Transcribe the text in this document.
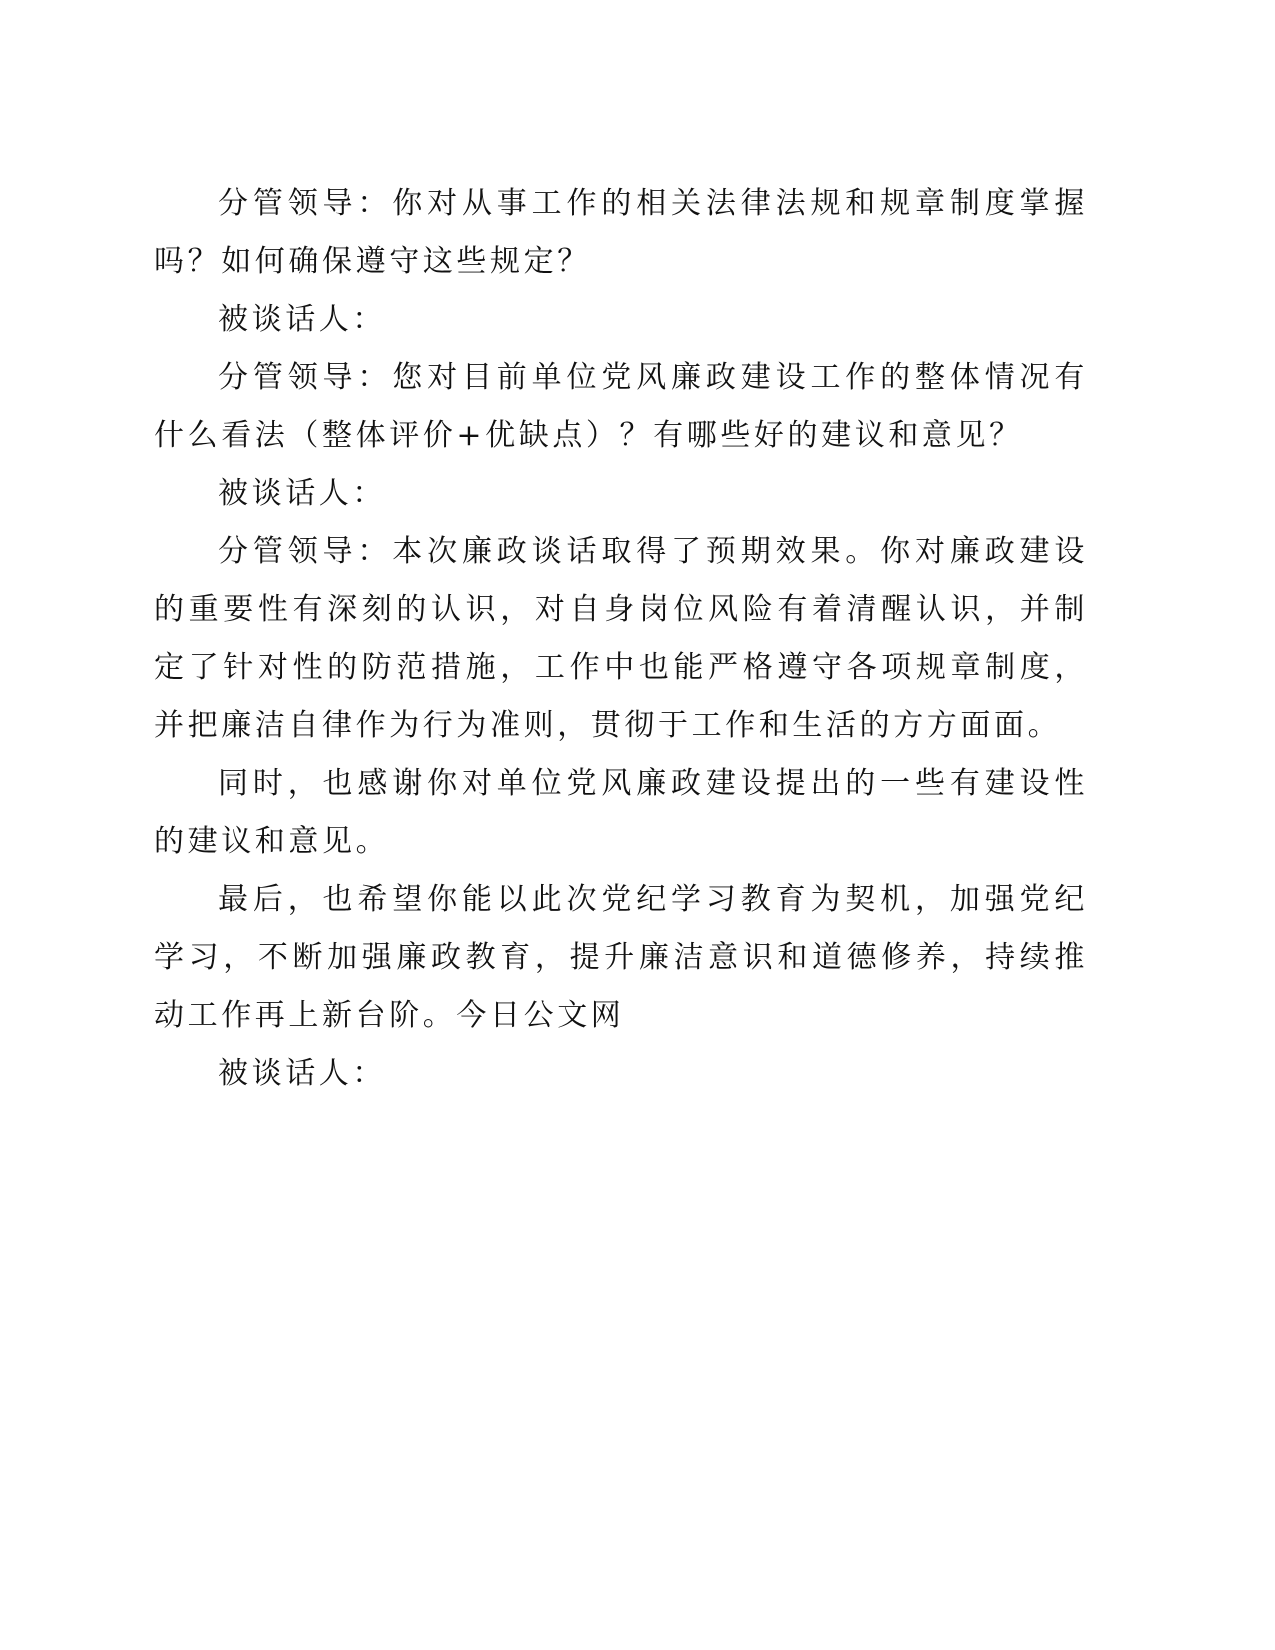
分管领导：你对从事工作的相关法律法规和规章制度掌握吗？如何确保遵守这些规定？

被谈话人：

分管领导：您对目前单位党风廉政建设工作的整体情况有什么看法（整体评价+优缺点）？有哪些好的建议和意见？

被谈话人：

分管领导：本次廉政谈话取得了预期效果。你对廉政建设的重要性有深刻的认识，对自身岗位风险有着清醒认识，并制定了针对性的防范措施，工作中也能严格遵守各项规章制度，并把廉洁自律作为行为准则，贯彻于工作和生活的方方面面。

同时，也感谢你对单位党风廉政建设提出的一些有建设性的建议和意见。

最后，也希望你能以此次党纪学习教育为契机，加强党纪学习，不断加强廉政教育，提升廉洁意识和道德修养，持续推动工作再上新台阶。今日公文网

被谈话人：
